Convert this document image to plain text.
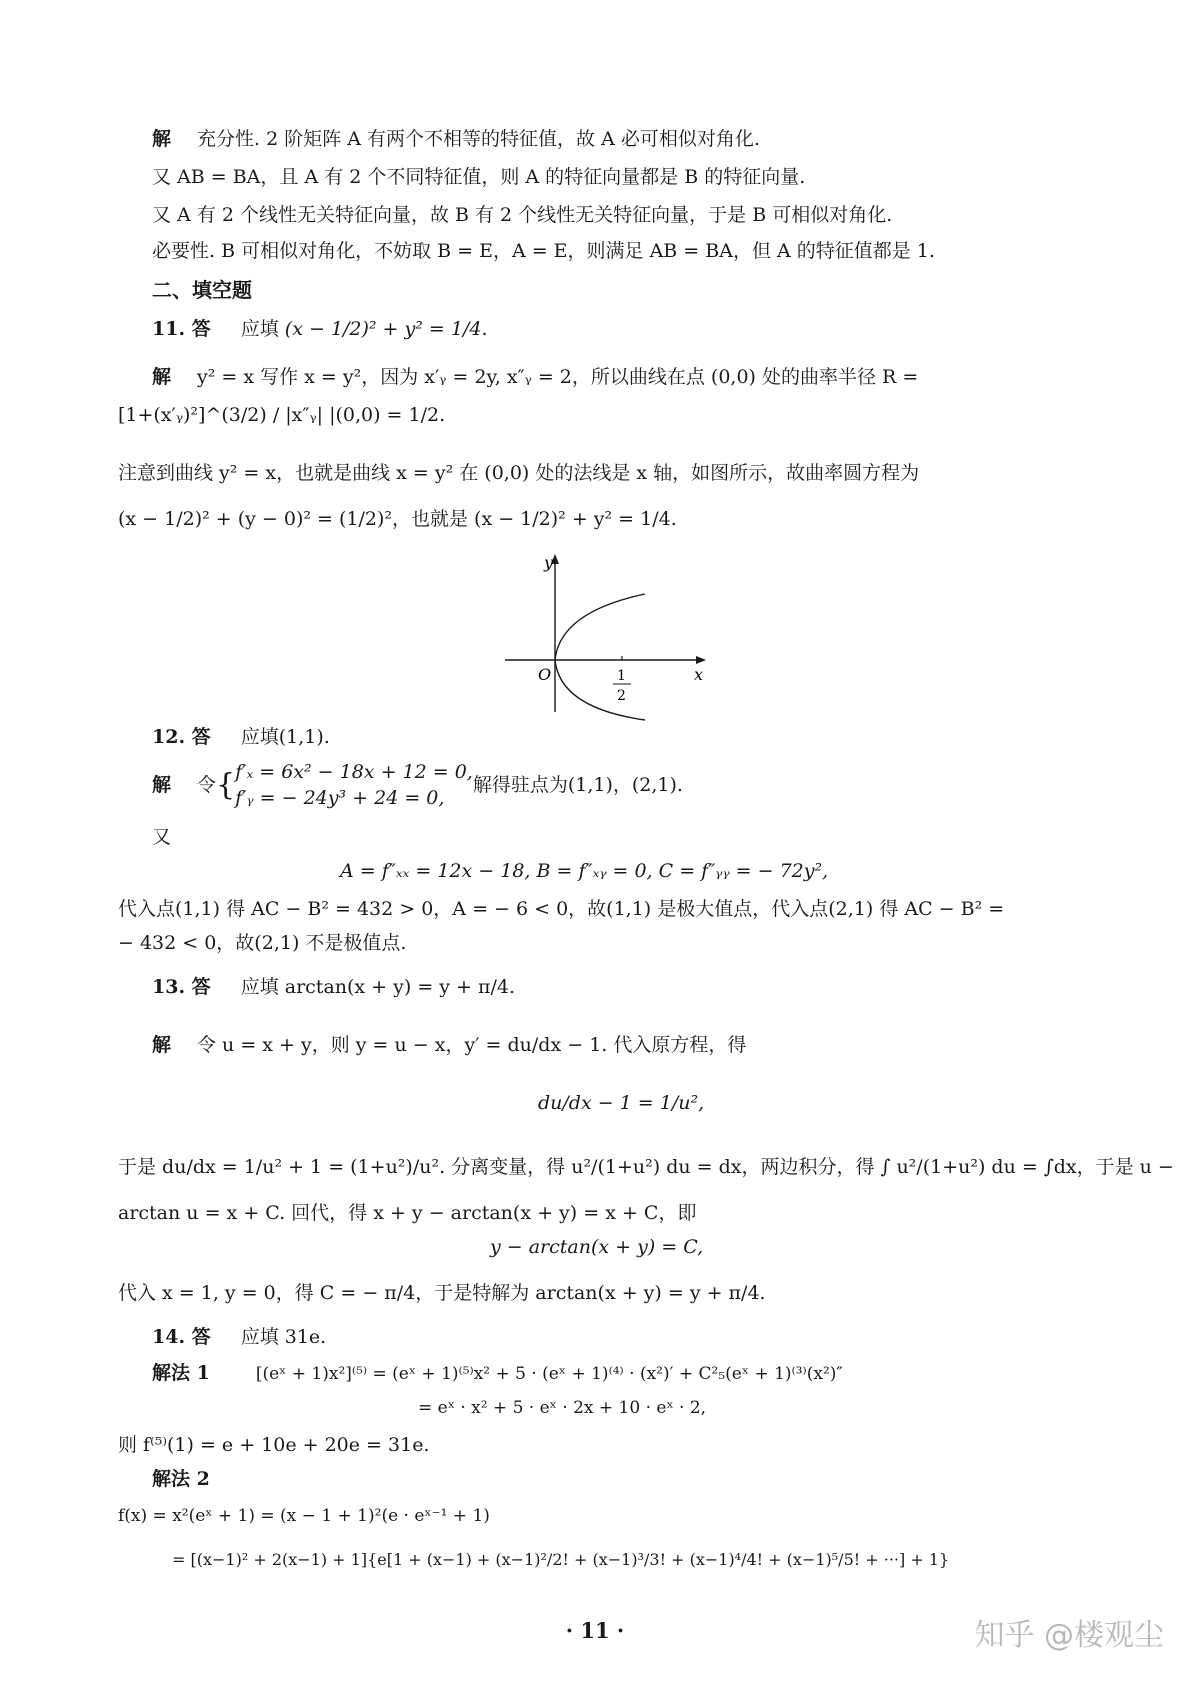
解 充分性. 2 阶矩阵 A 有两个不相等的特征值，故 A 必可相似对角化.
又 AB = BA，且 A 有 2 个不同特征值，则 A 的特征向量都是 B 的特征向量.
又 A 有 2 个线性无关特征向量，故 B 有 2 个线性无关特征向量，于是 B 可相似对角化.
必要性. B 可相似对角化，不妨取 B = E，A = E，则满足 AB = BA，但 A 的特征值都是 1.
二、填空题
11. 答 应填 (x − 1/2)² + y² = 1/4.
解 y² = x 写作 x = y²，因为 x′ᵧ = 2y, x″ᵧ = 2，所以曲线在点 (0,0) 处的曲率半径 R =
[1+(x′ᵧ)²]^(3/2) / |x″ᵧ| |(0,0) = 1/2.
注意到曲线 y² = x，也就是曲线 x = y² 在 (0,0) 处的法线是 x 轴，如图所示，故曲率圆方程为
(x − 1/2)² + (y − 0)² = (1/2)²，也就是 (x − 1/2)² + y² = 1/4.
y
x
O	1
2
12. 答 应填(1,1).
解 令{ f′ₓ = 6x² − 18x + 12 = 0,
f′ᵧ = − 24y³ + 24 = 0,
解得驻点为(1,1)，(2,1).
又
A = f″ₓₓ = 12x − 18, B = f″ₓᵧ = 0, C = f″ᵧᵧ = − 72y²,
代入点(1,1) 得 AC − B² = 432 > 0，A = − 6 < 0，故(1,1) 是极大值点，代入点(2,1) 得 AC − B² =
− 432 < 0，故(2,1) 不是极值点.
13. 答 应填 arctan(x + y) = y + π/4.
解 令 u = x + y，则 y = u − x，y′ = du/dx − 1. 代入原方程，得
du/dx − 1 = 1/u²,
于是 du/dx = 1/u² + 1 = (1+u²)/u². 分离变量，得 u²/(1+u²) du = dx，两边积分，得 ∫ u²/(1+u²) du = ∫dx，于是 u −
arctan u = x + C. 回代，得 x + y − arctan(x + y) = x + C，即
y − arctan(x + y) = C,
代入 x = 1, y = 0，得 C = − π/4，于是特解为 arctan(x + y) = y + π/4.
14. 答 应填 31e.
解法 1	[(eˣ + 1)x²]⁽⁵⁾ = (eˣ + 1)⁽⁵⁾x² + 5 · (eˣ + 1)⁽⁴⁾ · (x²)′ + C²₅(eˣ + 1)⁽³⁾(x²)″
= eˣ · x² + 5 · eˣ · 2x + 10 · eˣ · 2,
则 f⁽⁵⁾(1) = e + 10e + 20e = 31e.
解法 2
f(x) = x²(eˣ + 1) = (x − 1 + 1)²(e · eˣ⁻¹ + 1)
= [(x−1)² + 2(x−1) + 1]{e[1 + (x−1) + (x−1)²/2! + (x−1)³/3! + (x−1)⁴/4! + (x−1)⁵/5! + ···] + 1}
· 11 ·	知乎 @楼观尘
